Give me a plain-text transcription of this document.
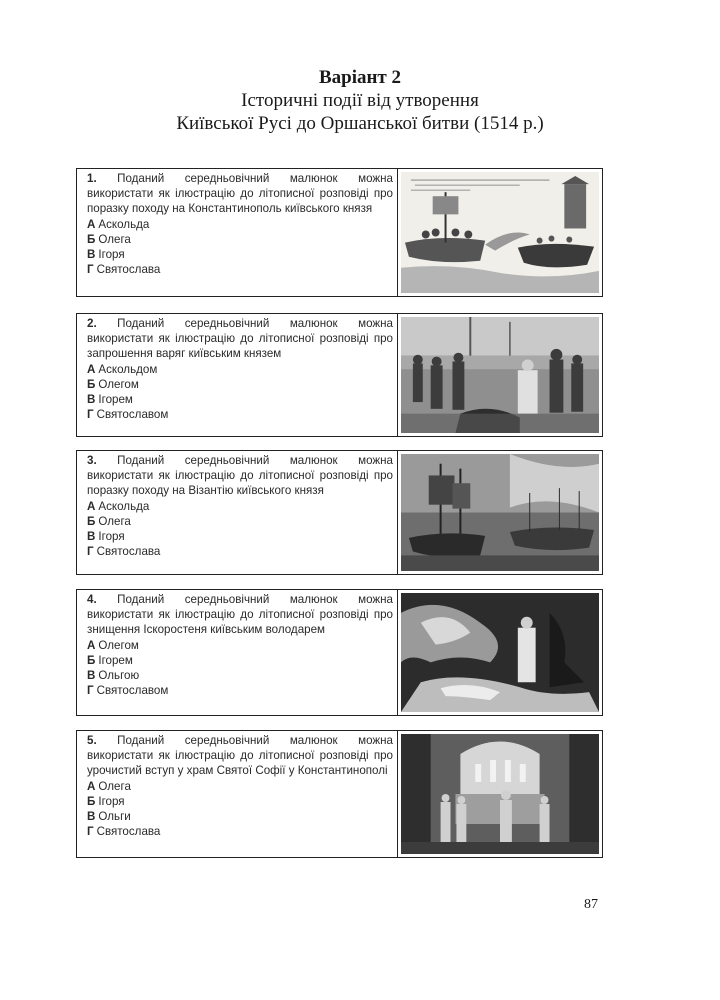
Варіант 2
Історичні події від утворення
Київської Русі до Оршанської битви (1514 р.)
1. Поданий середньовічний малюнок можна використати як ілюстрацію до літописної розповіді про поразку походу на Константинополь київського князя
А Аскольда
Б Олега
В Ігоря
Г Святослава
2. Поданий середньовічний малюнок можна використати як ілюстрацію до літописної розповіді про запрошення варяг київським князем
А Аскольдом
Б Олегом
В Ігорем
Г Святославом
3. Поданий середньовічний малюнок можна використати як ілюстрацію до літописної розповіді про поразку походу на Візантію київського князя
А Аскольда
Б Олега
В Ігоря
Г Святослава
4. Поданий середньовічний малюнок можна використати як ілюстрацію до літописної розповіді про знищення Іскоростеня київським володарем
А Олегом
Б Ігорем
В Ольгою
Г Святославом
5. Поданий середньовічний малюнок можна використати як ілюстрацію до літописної розповіді про урочистий вступ у храм Святої Софії у Константинополі
А Олега
Б Ігоря
В Ольги
Г Святослава
87
